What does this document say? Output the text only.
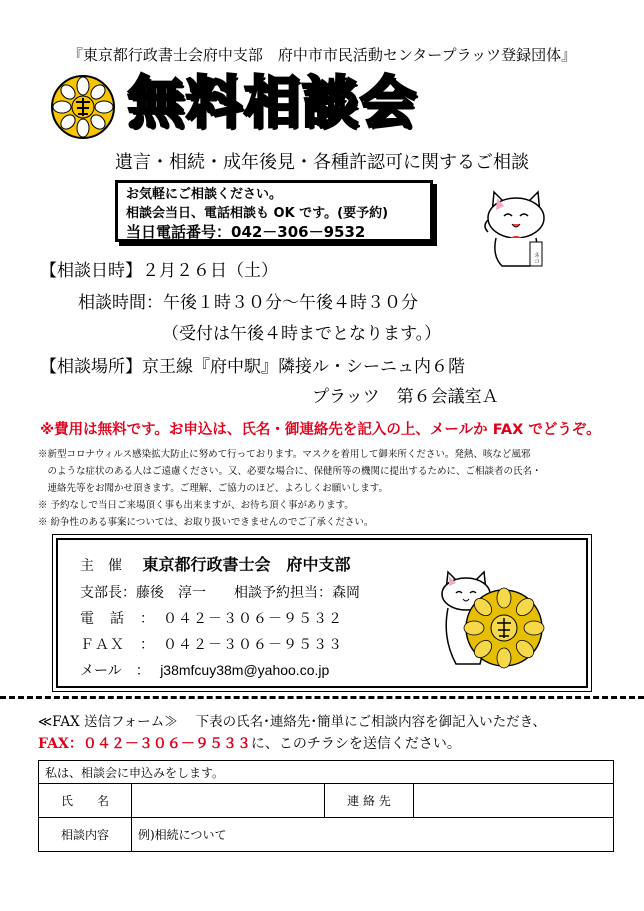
『東京都行政書士会府中支部　府中市市民活動センタープラッツ登録団体』
無料相談会
遺言・相続・成年後見・各種許認可に関するご相談
お気軽にご相談ください。
相談会当日、電話相談も OK です。(要予約)
当日電話番号：042－306－9532
ネコ
【相談日時】２月２６日（土）
相談時間：午後１時３０分～午後４時３０分
（受付は午後４時までとなります。）
【相談場所】京王線『府中駅』隣接ル・シーニュ内６階
プラッツ　第６会議室Ａ
※費用は無料です。お申込は、氏名・御連絡先を記入の上、メールか FAX でどうぞ。

※新型コロナウィルス感染拡大防止に努めて行っております。マスクを着用して御来所ください。発熱、咳など風邪

　のような症状のある人はご遠慮ください。又、必要な場合に、保健所等の機関に提出するために、ご相談者の氏名・

　連絡先等をお聞かせ頂きます。ご理解、ご協力のほど、よろしくお願いします。

※ 予約なしで当日ご来場頂く事も出来ますが、お待ち頂く事があります。

※ 紛争性のある事案については、お取り扱いできませんのでご了承ください。

主　催 東京都行政書士会　府中支部
支部長：藤後　淳一　　相談予約担当：森岡
電　話　：　０４２－３０６－９５３２
ＦＡＸ　：　０４２－３０６－９５３３
メール　： j38mfcuy38m@yahoo.co.jp
≪FAX 送信フォーム≫　 下表の氏名･連絡先･簡単にご相談内容を御記入いただき、
FAX：０４２－３０６－９５３３に、このチラシを送信ください。
私は、相談会に申込みをします。			
氏　　名		連 絡 先	
相談内容	例)相続について		
